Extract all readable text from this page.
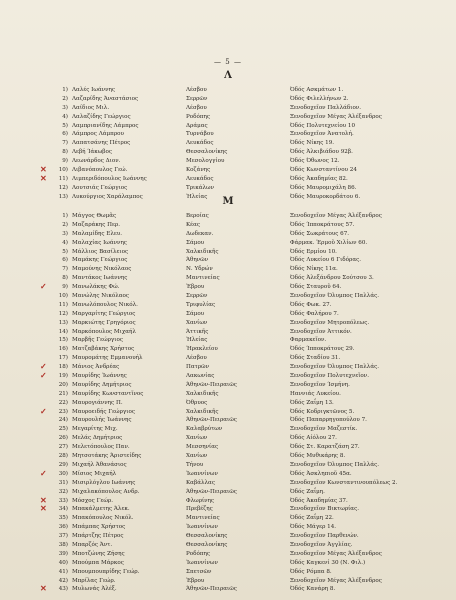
— 5 —
Λ
1) Λαλές Ιωάννης	Λέσβου	Όδός Ασκμάτων 1.
2) Λαζαρίδης Άναστάσιος	Σερρῶν	Όδός Φιλελλήνων 2.
3) Λαίδιος Μιλ.	Λέσβου	Ξενοδοχεῖον Παλλάδιον.
4) Λαλαζίδης Γεώργιος	Ροδόπης	Ξενοδοχεῖον Μέγας Άλέξανδρος
5) Λαμπριανίδης Λάμπρος	Δράμας	Όδός Πολυτεχνείου 10
6) Λάμπρος Λάμπρου	Τυρνάβου	Ξενοδοχεῖον Άνατολή.
7) Λαπατσάνης Πέτρος	Λευκάδος	Όδός Νίκης 19.
8) Λεβή Ίάκωβος	Θεσσαλονίκης	Όδός Άλκιβιάδου 92β.
9) Λεωνάρδος Διον.	Μεσολογγίου	Όδός Όθωνος 12.
✕	10) Λιβανόπουλος Γεώ.	Κοζάνης	Όδός Κωνσταντίνου 24
✕	11) Λιμπεριδόπουλος Ιωάννης	Λευκάδος	Όδός Άκαδημίας 82.
12) Λουτσιάς Γεώργιος	Τρικάλων	Όδός Μαυρομιχάλη 86.
13) Λυκούργιος Χαράλαμπος	Ήλείας	Όδός Μαυροκορδάτου 6.
Μ
1) Μάγγος Θωμᾶς	Βεροίας	Ξενοδοχεῖον Μέγας Άλέξανδρος
2) Μαζαράκης Περ.	Κέας	Όδός Ίπποκράτους 57.
3) Μαλαμίδης Ελευ.	Δωδεκαν.	Όδός Σωκράτους 67.
4) Μαλαχίας Ιωάννης	Σάμου	Φάρμακ. Έρμοῦ Χιλίων 60.
5) Μάλλιος Βασίλειος	Χαλκιδικῆς	Όδός Ερμίου 10.
6) Μαμάκης Γεώργιος	Άθηνῶν	Όδός Λυκείου 6 Γιδόρας.
7) Μαμούνης Νικόλαος	Ν. Υδρών	Όδός Νίκης 11α.
8) Μαντάκος Ιωάννης	Μαντινείας	Όδός Άλεξάνδρου Σούτσου 3.
✓	9) Μανωλάκης Φώ.	Έβρου	Όδός Σταυροῦ 64.
10) Μανώλης Νικόλαος	Σερρῶν	Ξενοδοχεῖον Όλυμπος Παλλάς.
11) Μανωλόπουλος Νικόλ.	Τριφυλίας	Όδός Φωκ. 27.
12) Μαργαρίτης Γεώργιος	Σάμου	Όδός Φαλήρου 7.
13) Μαρκιώτης Γρηγόριος	Χανίων	Ξενοδοχεῖον Μητροπόλεως.
14) Μαρκόπουλος Μιχαήλ	Άττικῆς	Ξενοδοχεῖον Άττικόν.
15) Μαρβῆς Γεώργιος	Ήλείας	Φαρμακεῖον.
16) Ματζαβάκης Χρήστος	Ήρακλείου	Όδός Ίπποκράτους 29.
17) Μαυρομάτης Εμμανουήλ	Λέσβου	Όδός Σταδίου 31.
✓	18) Μάνιος Άνδρέας	Πατρῶν	Ξενοδοχεῖον Όλυμπος Παλλάς.
✓	19) Μαυρίδης Ίωάννης	Λακωνίας	Ξενοδοχεῖον Πολυτεχνεῖον.
20) Μαυρίδης Δημήτριος	Άθηνῶν-Πειραιῶς	Ξενοδοχεῖον Ίσμήνη.
21) Μαυρίδης Κωνσταντῖνος	Χαλκιδικῆς	Ηαννιάς Λυκείου.
22) Μαυρογιάννης Π.	Όθρυος	Όδός Ζαΐμη 13.
✓	23) Μαυροειδής Γεώργιος	Χαλκιδικῆς	Όδός Κοδριγκτῶνος 5.
24) Μαυρουλής Ίωάννης	Άθηνῶν-Πειραιῶς	Όδός Παπαρρηγοπούλου 7.
25) Μεγαρίτης Μιχ.	Καλαβρύτων	Ξενοδοχεῖον Μαζεστίκ.
26) Μελάς Δημήτριος	Χανίων	Όδός Αίόλου 27.
27) Μελετόπουλος Παν.	Μεσσηνίας	Όδός Στ. Καρατζάση 27.
28) Μητσοτάκης Άριστείδης	Χανίων	Όδός Μυθικάρης 8.
29) Μιχαήλ Άθανάσιος	Τήνου	Ξενοδοχεῖον Όλυμπος Παλλάς.
✓	30) Μίσιος Μιχαήλ	Ίωαννίνων	Όδός Άσκληπιοῦ 45α.
31) Μισιρλόγλου Ιωάννης	Καβάλλας	Ξενοδοχεῖον Κωνσταντινουπόλεως 2.
32) Μιχαλακόπουλος Ανδρ.	Άθηνῶν-Πειραιῶς	Όδός Ζαΐμη.
✕	33) Μόσχος Γεώρ.	Φλωρίνης	Όδός Άκαδημίας 37.
✕	34) Μπακάλμετης Άλεκ.	Πρεβέζης	Ξενοδοχεῖον Βικτωρίας.
35) Μπακόπουλος Νικόλ.	Μαντινείας	Όδός Ζαΐμη 22.
36) Μπάμπας Χρήστος	Ίωαννίνων	Όδός Μάγερ 14.
37) Μπάρτζης Πέτρος	Θεσσαλονίκης	Ξενοδοχεῖον Παρθενών.
38) Μπαρζός Άντ.	Θεσσαλονίκης	Ξενοδοχεῖον Άγγλίας.
39) Μποτζώνης Ζήσης	Ροδόπης	Ξενοδοχεῖον Μέγας Άλέξανδρος
40) Μπούμπα Μάρκος	Ίωαννίνων	Όδός Καγκενί 30 (Ν. Φιλ.)
41) Μπουμπουπρίδης Γεώρ.	Σπετσῶν	Όδός Ρόμπα 8.
42) Μπρίλας Γεώρ.	Έβρου	Ξενοδοχεῖον Μέγας Άλέξανδρος
✕	43) Μυλωνάς Άλέξ.	Άθηνῶν-Πειραιῶς	Όδός Κανάρη 8.
